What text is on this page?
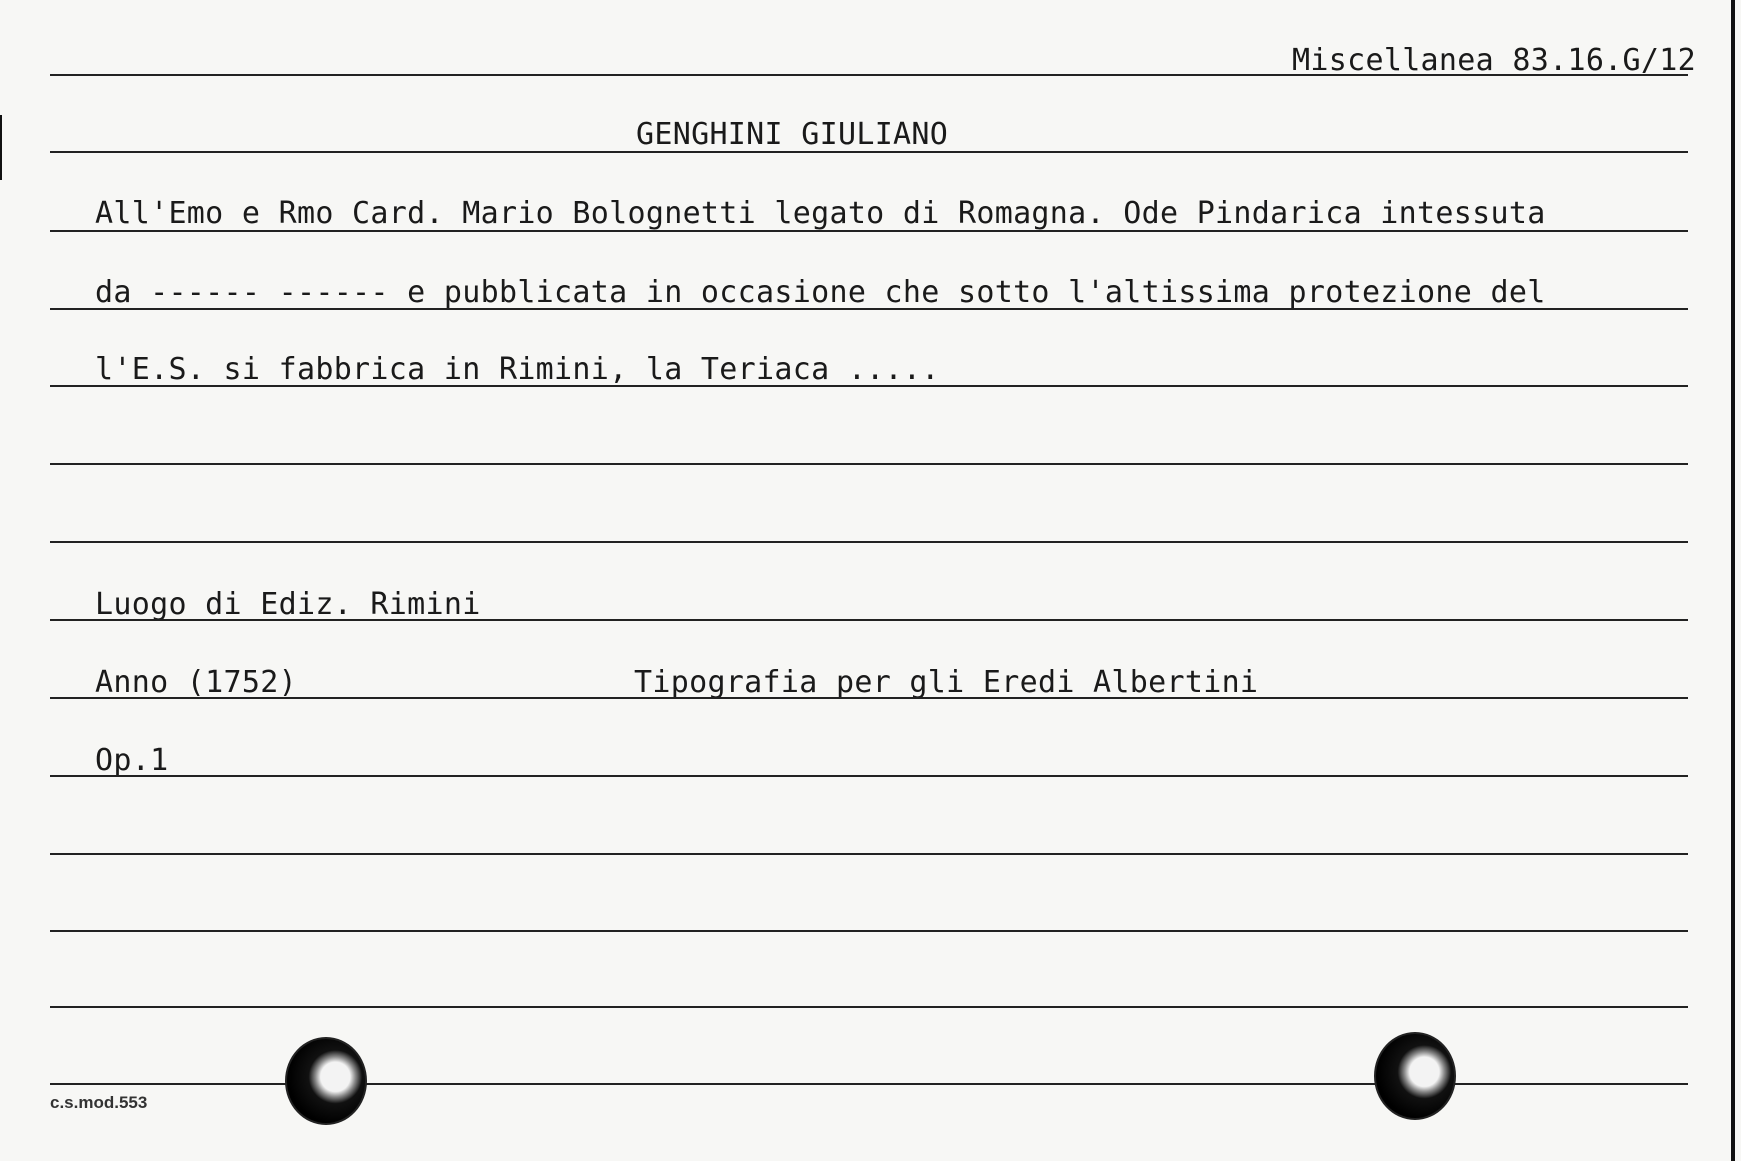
Miscellanea 83.16.G/12
GENGHINI GIULIANO
All'Emo e Rmo Card. Mario Bolognetti legato di Romagna. Ode Pindarica intessuta
da ------ ------ e pubblicata in occasione che sotto l'altissima protezione del
l'E.S. si fabbrica in Rimini, la Teriaca .....
Luogo di Ediz. Rimini
Anno (1752)	Tipografia per gli Eredi Albertini
Op.1
c.s.mod.553
